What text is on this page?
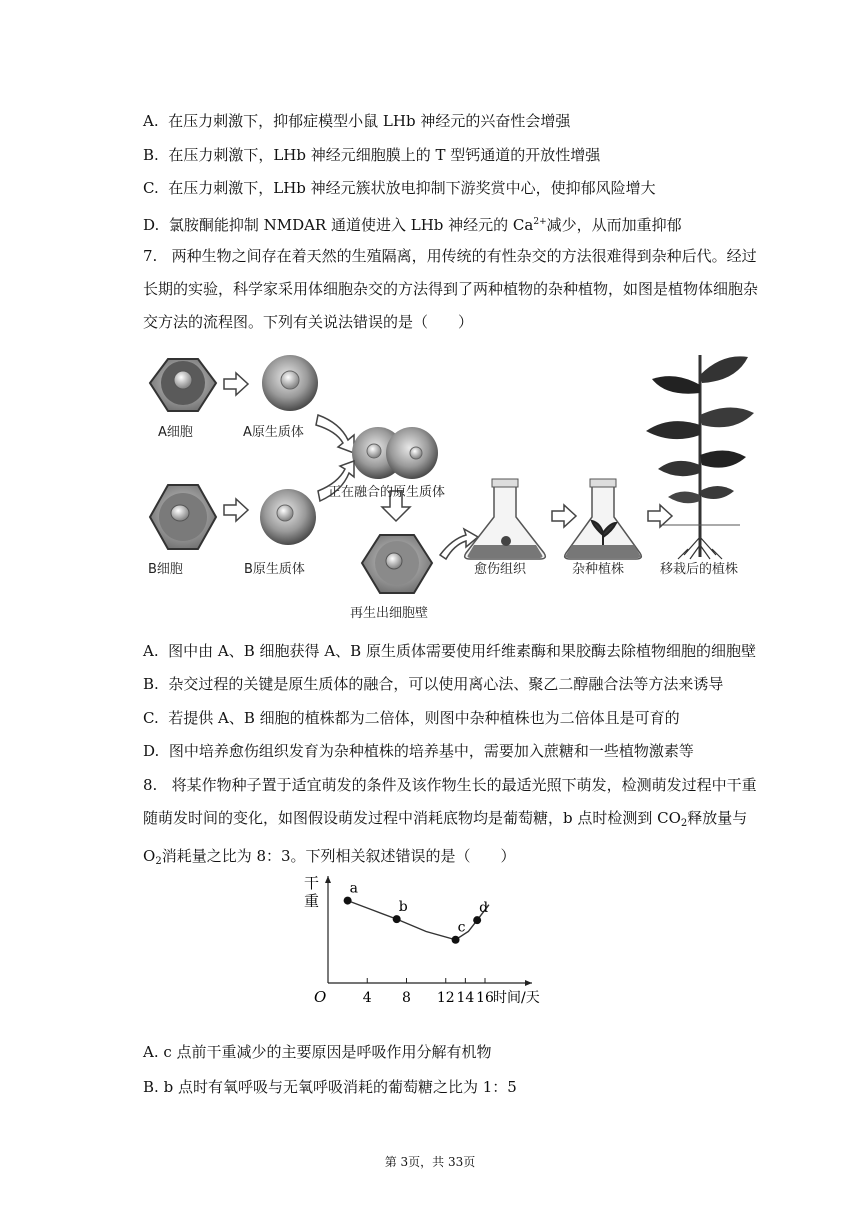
A. 在压力刺激下，抑郁症模型小鼠 LHb 神经元的兴奋性会增强
B. 在压力刺激下，LHb 神经元细胞膜上的 T 型钙通道的开放性增强
C. 在压力刺激下，LHb 神经元簇状放电抑制下游奖赏中心，使抑郁风险增大
D. 氯胺酮能抑制 NMDAR 通道使进入 LHb 神经元的 $Ca^{2+}$减少，从而加重抑郁
7. 两种生物之间存在着天然的生殖隔离，用传统的有性杂交的方法很难得到杂种后代。经过长期的实验，科学家采用体细胞杂交的方法得到了两种植物的杂种植物，如图是植物体细胞杂交方法的流程图。下列有关说法错误的是（　　）
A细胞	A原生质体
正在融合的原生质体
B细胞	B原生质体
再生出细胞壁
愈伤组织	杂种植株	移栽后的植株
A. 图中由 A、B 细胞获得 A、B 原生质体需要使用纤维素酶和果胶酶去除植物细胞的细胞壁
B. 杂交过程的关键是原生质体的融合，可以使用离心法、聚乙二醇融合法等方法来诱导
C. 若提供 A、B 细胞的植株都为二倍体，则图中杂种植株也为二倍体且是可育的
D. 图中培养愈伤组织发育为杂种植株的培养基中，需要加入蔗糖和一些植物激素等
8. 将某作物种子置于适宜萌发的条件及该作物生长的最适光照下萌发，检测萌发过程中干重随萌发时间的变化，如图假设萌发过程中消耗底物均是葡萄糖，b 点时检测到 $CO_2$释放量与 $O_2$消耗量之比为 8：3。下列相关叙述错误的是（　　）
4 8 12 14 16
O	时间/天
干
重
a
b
c
d
A. c 点前干重减少的主要原因是呼吸作用分解有机物
B. b 点时有氧呼吸与无氧呼吸消耗的葡萄糖之比为 1：5
第 3页，共 33页
